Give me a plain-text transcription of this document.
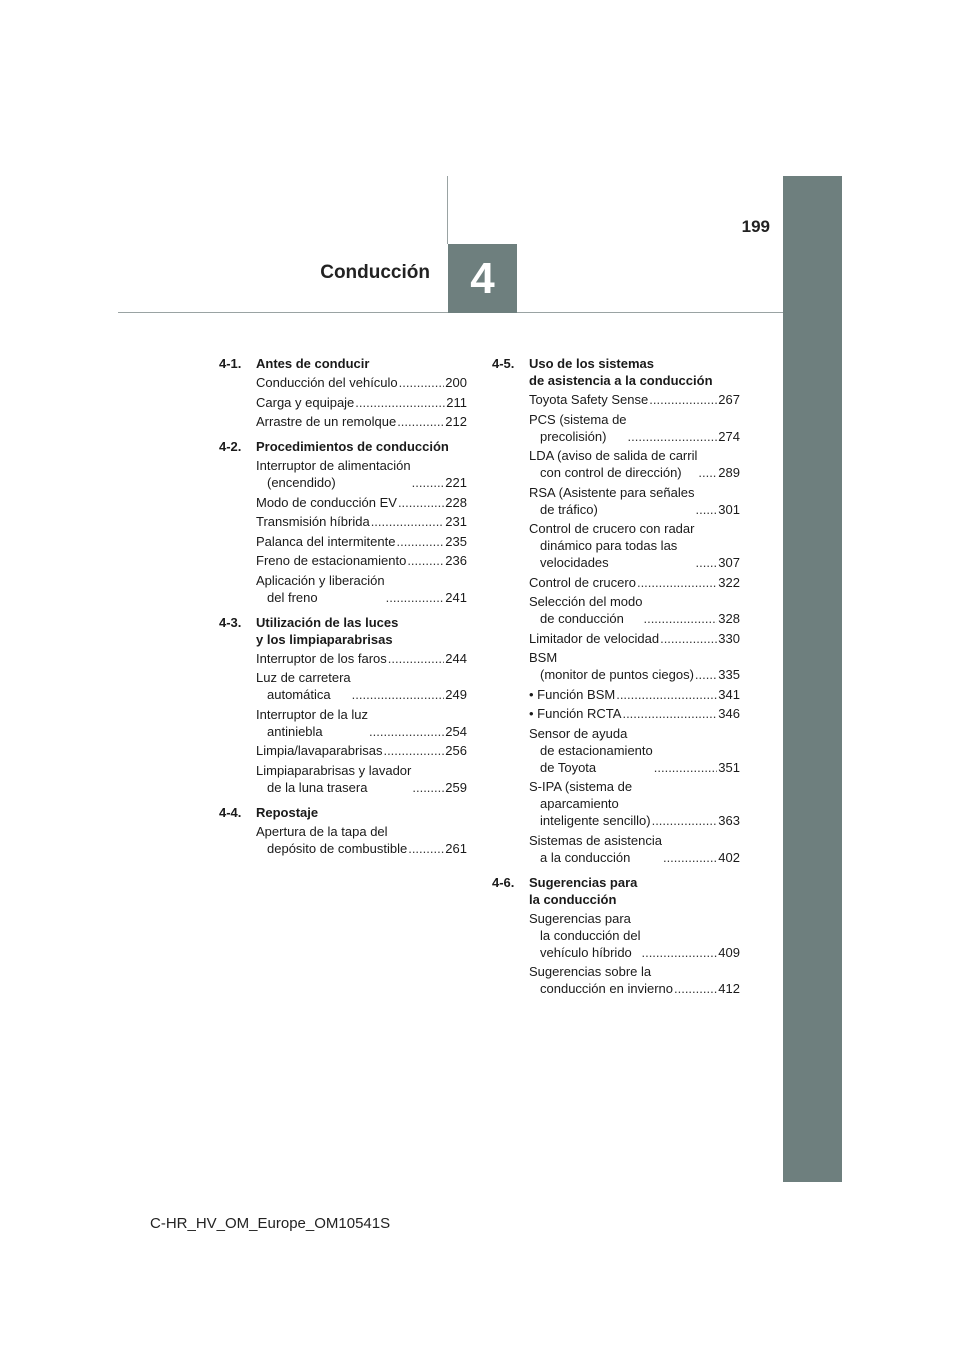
4
Conducción
199
4-1.	Antes de conducir
Conducción del vehículo .....	200
Carga y equipaje .....	211
Arrastre de un remolque .....	212
4-2.	Procedimientos de conducción
Interruptor de alimentación
(encendido) .....	221
Modo de conducción EV .....	228
Transmisión híbrida .....	231
Palanca del intermitente .....	235
Freno de estacionamiento .....	236
Aplicación y liberación
del freno .....	241
4-3.	Utilización de las luces
y los limpiaparabrisas
Interruptor de los faros .....	244
Luz de carretera
automática .....	249
Interruptor de la luz
antiniebla .....	254
Limpia/lavaparabrisas .....	256
Limpiaparabrisas y lavador
de la luna trasera .....	259
4-4.	Repostaje
Apertura de la tapa del
depósito de combustible .....	261
4-5.	Uso de los sistemas
de asistencia a la conducción
Toyota Safety Sense .....	267
PCS (sistema de
precolisión) .....	274
LDA (aviso de salida de carril
con control de dirección) .....	289
RSA (Asistente para señales
de tráfico) .....	301
Control de crucero con radar
dinámico para todas las
velocidades .....	307
Control de crucero .....	322
Selección del modo
de conducción .....	328
Limitador de velocidad .....	330
BSM
(monitor de puntos ciegos) ..... 335
• Función BSM .....	341
• Función RCTA .....	346
Sensor de ayuda
de estacionamiento
de Toyota .....	351
S-IPA (sistema de
aparcamiento
inteligente sencillo) .....	363
Sistemas de asistencia
a la conducción .....	402
4-6.	Sugerencias para
la conducción
Sugerencias para
la conducción del
vehículo híbrido .....	409
Sugerencias sobre la
conducción en invierno .....	412
C-HR_HV_OM_Europe_OM10541S
